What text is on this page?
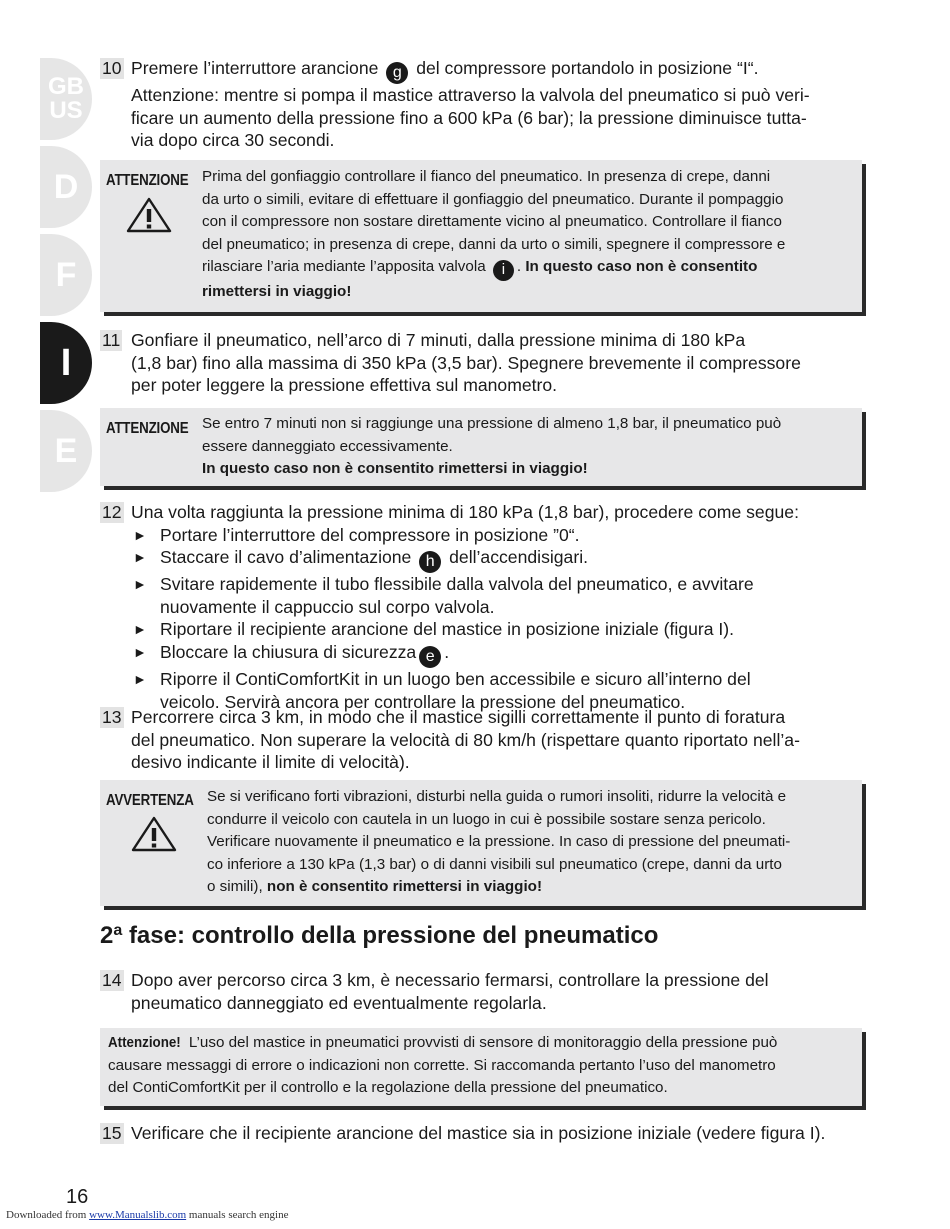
GB
US
D
F
I
E
10 Premere l’interruttore arancione g del compressore portandolo in posizione “I“.

Attenzione: mentre si pompa il mastice attraverso la valvola del pneumatico si può veri-

ficare un aumento della pressione fino a 600 kPa (6 bar); la pressione diminuisce tutta-

via dopo circa 30 secondi.

ATTENZIONE Prima del gonfiaggio controllare il fianco del pneumatico. In presenza di crepe, danni
da urto o simili, evitare di effettuare il gonfiaggio del pneumatico. Durante il pompaggio
con il compressore non sostare direttamente vicino al pneumatico. Controllare il fianco
del pneumatico; in presenza di crepe, danni da urto o simili, spegnere il compressore e
rilasciare l’aria mediante l’apposita valvola i . In questo caso non è consentito
rimettersi in viaggio!
11 Gonfiare il pneumatico, nell’arco di 7 minuti, dalla pressione minima di 180 kPa

(1,8 bar) fino alla massima di 350 kPa (3,5 bar). Spegnere brevemente il compressore

per poter leggere la pressione effettiva sul manometro.

ATTENZIONE Se entro 7 minuti non si raggiunge una pressione di almeno 1,8 bar, il pneumatico può
essere danneggiato eccessivamente.
In questo caso non è consentito rimettersi in viaggio!
12 Una volta raggiunta la pressione minima di 180 kPa (1,8 bar), procedere come segue:

► Portare l’interruttore del compressore in posizione ”0“.
► Staccare il cavo d’alimentazione h dell’accendisigari.
► Svitare rapidemente il tubo flessibile dalla valvola del pneumatico, e avvitare
nuovamente il cappuccio sul corpo valvola.
► Riportare il recipiente arancione del mastice in posizione iniziale (figura I).
► Bloccare la chiusura di sicurezza e .
► Riporre il ContiComfortKit in un luogo ben accessibile e sicuro all’interno del
veicolo. Servirà ancora per controllare la pressione del pneumatico.
13 Percorrere circa 3 km, in modo che il mastice sigilli correttamente il punto di foratura

del pneumatico. Non superare la velocità di 80 km/h (rispettare quanto riportato nell’a-

desivo indicante il limite di velocità).

AVVERTENZA Se si verificano forti vibrazioni, disturbi nella guida o rumori insoliti, ridurre la velocità e
condurre il veicolo con cautela in un luogo in cui è possibile sostare senza pericolo.
Verificare nuovamente il pneumatico e la pressione. In caso di pressione del pneumati-
co inferiore a 130 kPa (1,3 bar) o di danni visibili sul pneumatico (crepe, danni da urto
o simili), non è consentito rimettersi in viaggio!
2$^a$ fase: controllo della pressione del pneumatico
14 Dopo aver percorso circa 3 km, è necessario fermarsi, controllare la pressione del

pneumatico danneggiato ed eventualmente regolarla.

Attenzione! L’uso del mastice in pneumatici provvisti di sensore di monitoraggio della pressione può
causare messaggi di errore o indicazioni non corrette. Si raccomanda pertanto l’uso del manometro
del ContiComfortKit per il controllo e la regolazione della pressione del pneumatico.
15 Verificare che il recipiente arancione del mastice sia in posizione iniziale (vedere figura I).

16
Downloaded from www.Manualslib.com manuals search engine
